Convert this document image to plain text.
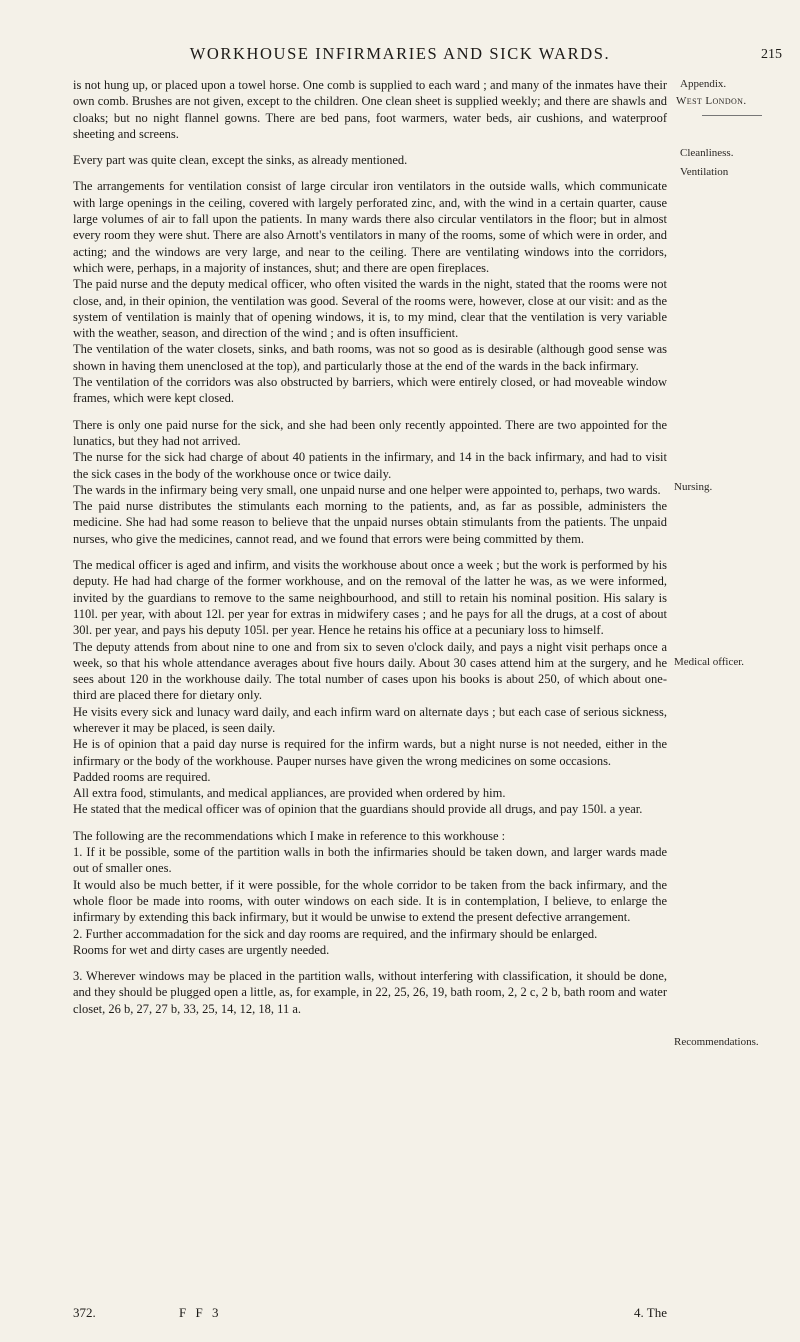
WORKHOUSE INFIRMARIES AND SICK WARDS.	215
Appendix.
West London.
Cleanliness.
Ventilation
Nursing.
Medical officer.
Recommendations.

is not hung up, or placed upon a towel horse. One comb is supplied to each ward ; and many of the inmates have their own comb. Brushes are not given, except to the children. One clean sheet is supplied weekly; and there are shawls and cloaks; but no night flannel gowns. There are bed pans, foot warmers, water beds, air cushions, and waterproof sheeting and screens.

Every part was quite clean, except the sinks, as already mentioned.

The arrangements for ventilation consist of large circular iron ventilators in the outside walls, which communicate with large openings in the ceiling, covered with largely perforated zinc, and, with the wind in a certain quarter, cause large volumes of air to fall upon the patients. In many wards there also circular ventilators in the floor; but in almost every room they were shut. There are also Arnott's ventilators in many of the rooms, some of which were in order, and acting; and the windows are very large, and near to the ceiling. There are ventilating windows into the corridors, which were, perhaps, in a majority of instances, shut; and there are open fireplaces.

The paid nurse and the deputy medical officer, who often visited the wards in the night, stated that the rooms were not close, and, in their opinion, the ventilation was good. Several of the rooms were, however, close at our visit: and as the system of ventilation is mainly that of opening windows, it is, to my mind, clear that the ventilation is very variable with the weather, season, and direction of the wind ; and is often insufficient.

The ventilation of the water closets, sinks, and bath rooms, was not so good as is desirable (although good sense was shown in having them unenclosed at the top), and particularly those at the end of the wards in the back infirmary.

The ventilation of the corridors was also obstructed by barriers, which were entirely closed, or had moveable window frames, which were kept closed.

There is only one paid nurse for the sick, and she had been only recently appointed. There are two appointed for the lunatics, but they had not arrived.

The nurse for the sick had charge of about 40 patients in the infirmary, and 14 in the back infirmary, and had to visit the sick cases in the body of the workhouse once or twice daily.

The wards in the infirmary being very small, one unpaid nurse and one helper were appointed to, perhaps, two wards.

The paid nurse distributes the stimulants each morning to the patients, and, as far as possible, administers the medicine. She had had some reason to believe that the unpaid nurses obtain stimulants from the patients. The unpaid nurses, who give the medicines, cannot read, and we found that errors were being committed by them.

The medical officer is aged and infirm, and visits the workhouse about once a week ; but the work is performed by his deputy. He had had charge of the former workhouse, and on the removal of the latter he was, as we were informed, invited by the guardians to remove to the same neighbourhood, and still to retain his nominal position. His salary is 110l. per year, with about 12l. per year for extras in midwifery cases ; and he pays for all the drugs, at a cost of about 30l. per year, and pays his deputy 105l. per year. Hence he retains his office at a pecuniary loss to himself.

The deputy attends from about nine to one and from six to seven o'clock daily, and pays a night visit perhaps once a week, so that his whole attendance averages about five hours daily. About 30 cases attend him at the surgery, and he sees about 120 in the workhouse daily. The total number of cases upon his books is about 250, of which about one-third are placed there for dietary only.

He visits every sick and lunacy ward daily, and each infirm ward on alternate days ; but each case of serious sickness, wherever it may be placed, is seen daily.

He is of opinion that a paid day nurse is required for the infirm wards, but a night nurse is not needed, either in the infirmary or the body of the workhouse. Pauper nurses have given the wrong medicines on some occasions.

Padded rooms are required.

All extra food, stimulants, and medical appliances, are provided when ordered by him.

He stated that the medical officer was of opinion that the guardians should provide all drugs, and pay 150l. a year.

The following are the recommendations which I make in reference to this workhouse :

1. If it be possible, some of the partition walls in both the infirmaries should be taken down, and larger wards made out of smaller ones.

It would also be much better, if it were possible, for the whole corridor to be taken from the back infirmary, and the whole floor be made into rooms, with outer windows on each side. It is in contemplation, I believe, to enlarge the infirmary by extending this back infirmary, but it would be unwise to extend the present defective arrangement.

2. Further accommadation for the sick and day rooms are required, and the infirmary should be enlarged.

Rooms for wet and dirty cases are urgently needed.

3. Wherever windows may be placed in the partition walls, without interfering with classification, it should be done, and they should be plugged open a little, as, for example, in 22, 25, 26, 19, bath room, 2, 2 c, 2 b, bath room and water closet, 26 b, 27, 27 b, 33, 25, 14, 12, 18, 11 a.

372.	F F 3	4. The
